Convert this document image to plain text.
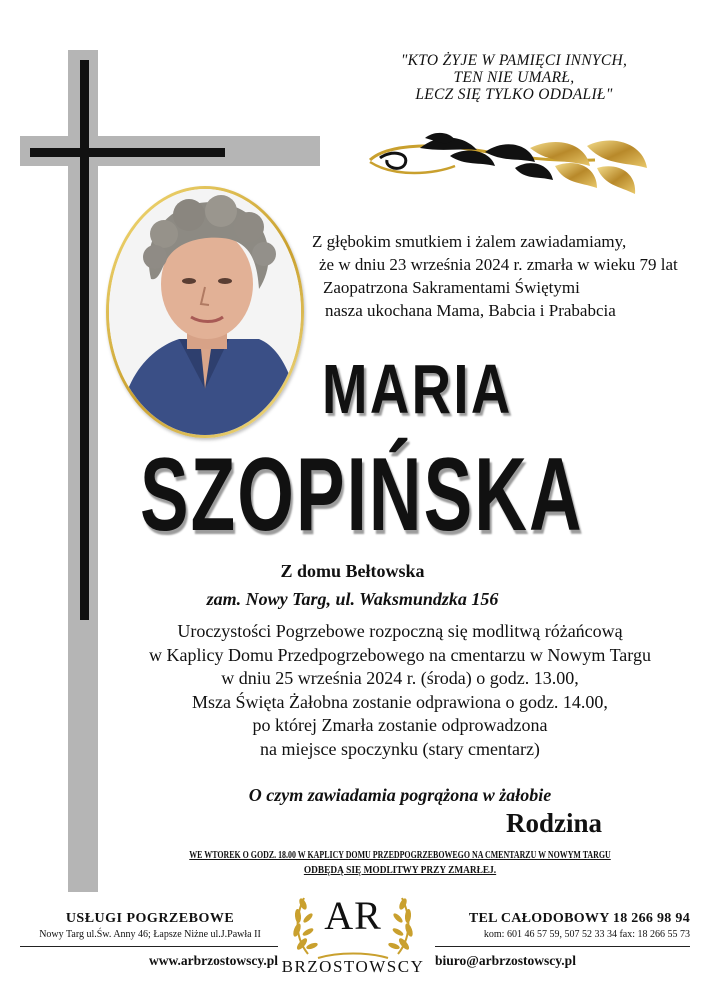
"KTO ŻYJE W PAMIĘCI INNYCH,
TEN NIE UMARŁ,
LECZ SIĘ TYLKO ODDALIŁ"
Z głębokim smutkiem i żalem zawiadamiamy,
że w dniu 23 września 2024 r. zmarła w wieku 79 lat
Zaopatrzona Sakramentami Świętymi
nasza ukochana Mama, Babcia i Prababcia
MARIA
SZOPIŃSKA
Z domu Bełtowska
zam. Nowy Targ, ul. Waksmundzka 156
Uroczystości Pogrzebowe rozpoczną się modlitwą różańcową
w Kaplicy Domu Przedpogrzebowego na cmentarzu w Nowym Targu
w dniu 25 września 2024 r. (środa) o godz. 13.00,
Msza Święta Żałobna zostanie odprawiona o godz. 14.00,
po której Zmarła zostanie odprowadzona
na miejsce spoczynku (stary cmentarz)
O czym zawiadamia pogrążona w żałobie
Rodzina
WE WTOREK O GODZ. 18.00 W KAPLICY DOMU PRZEDPOGRZEBOWEGO NA CMENTARZU W NOWYM TARGU
ODBĘDĄ SIĘ MODLITWY PRZY ZMARŁEJ.
USŁUGI POGRZEBOWE
Nowy Targ ul.Św. Anny 46; Łapsze Niżne ul.J.Pawła II
www.arbrzostowscy.pl
AR
BRZOSTOWSCY
TEL CAŁODOBOWY 18 266 98 94
kom: 601 46 57 59, 507 52 33 34 fax: 18 266 55 73
biuro@arbrzostowscy.pl
